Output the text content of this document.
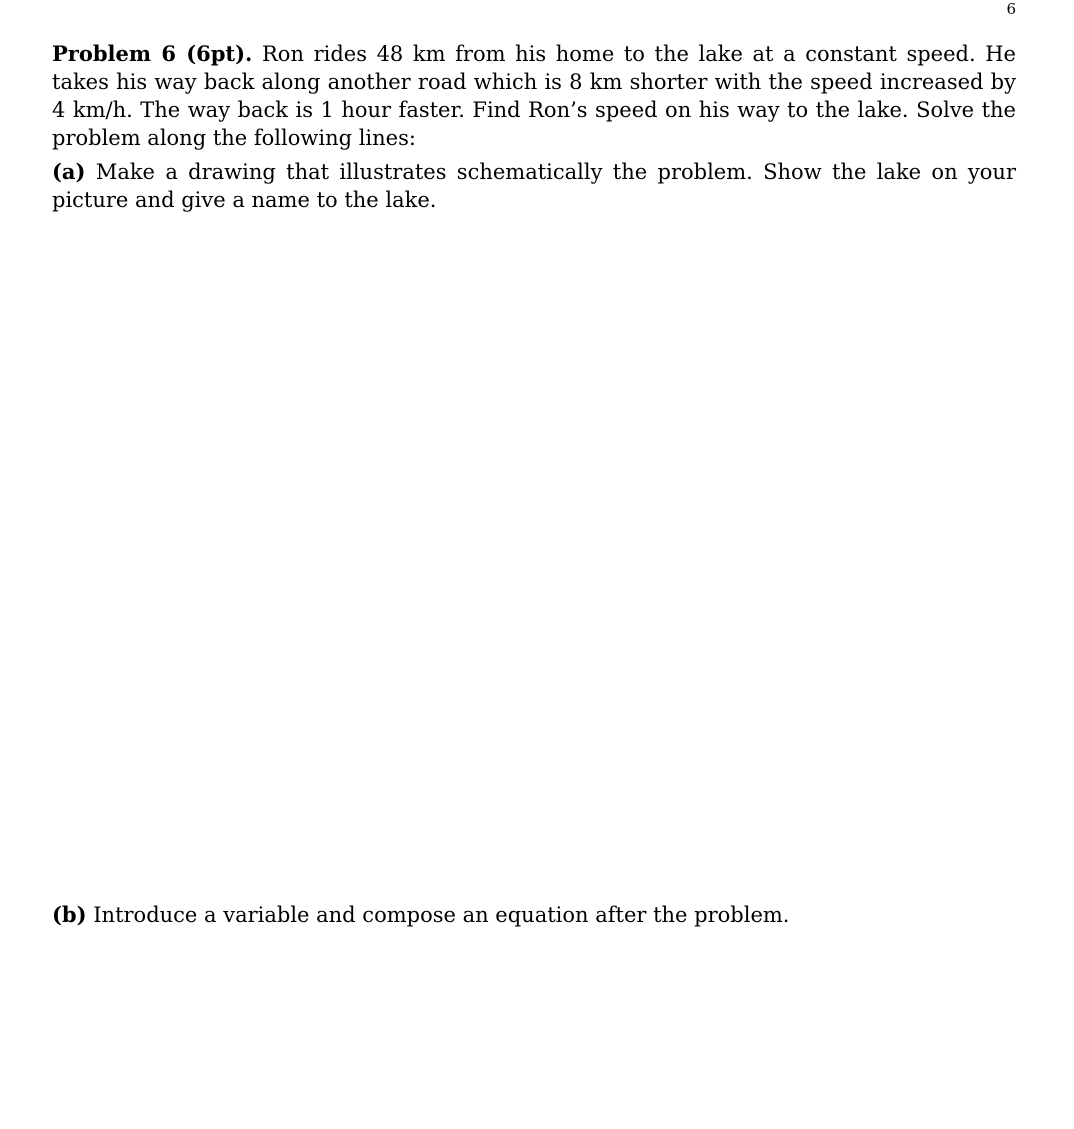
6

Problem 6 (6pt). Ron rides 48 km from his home to the lake at a constant speed. He takes his way back along another road which is 8 km shorter with the speed increased by 4 km/h. The way back is 1 hour faster. Find Ron’s speed on his way to the lake. Solve the problem along the following lines:

(a) Make a drawing that illustrates schematically the problem. Show the lake on your picture and give a name to the lake.

(b) Introduce a variable and compose an equation after the problem.
